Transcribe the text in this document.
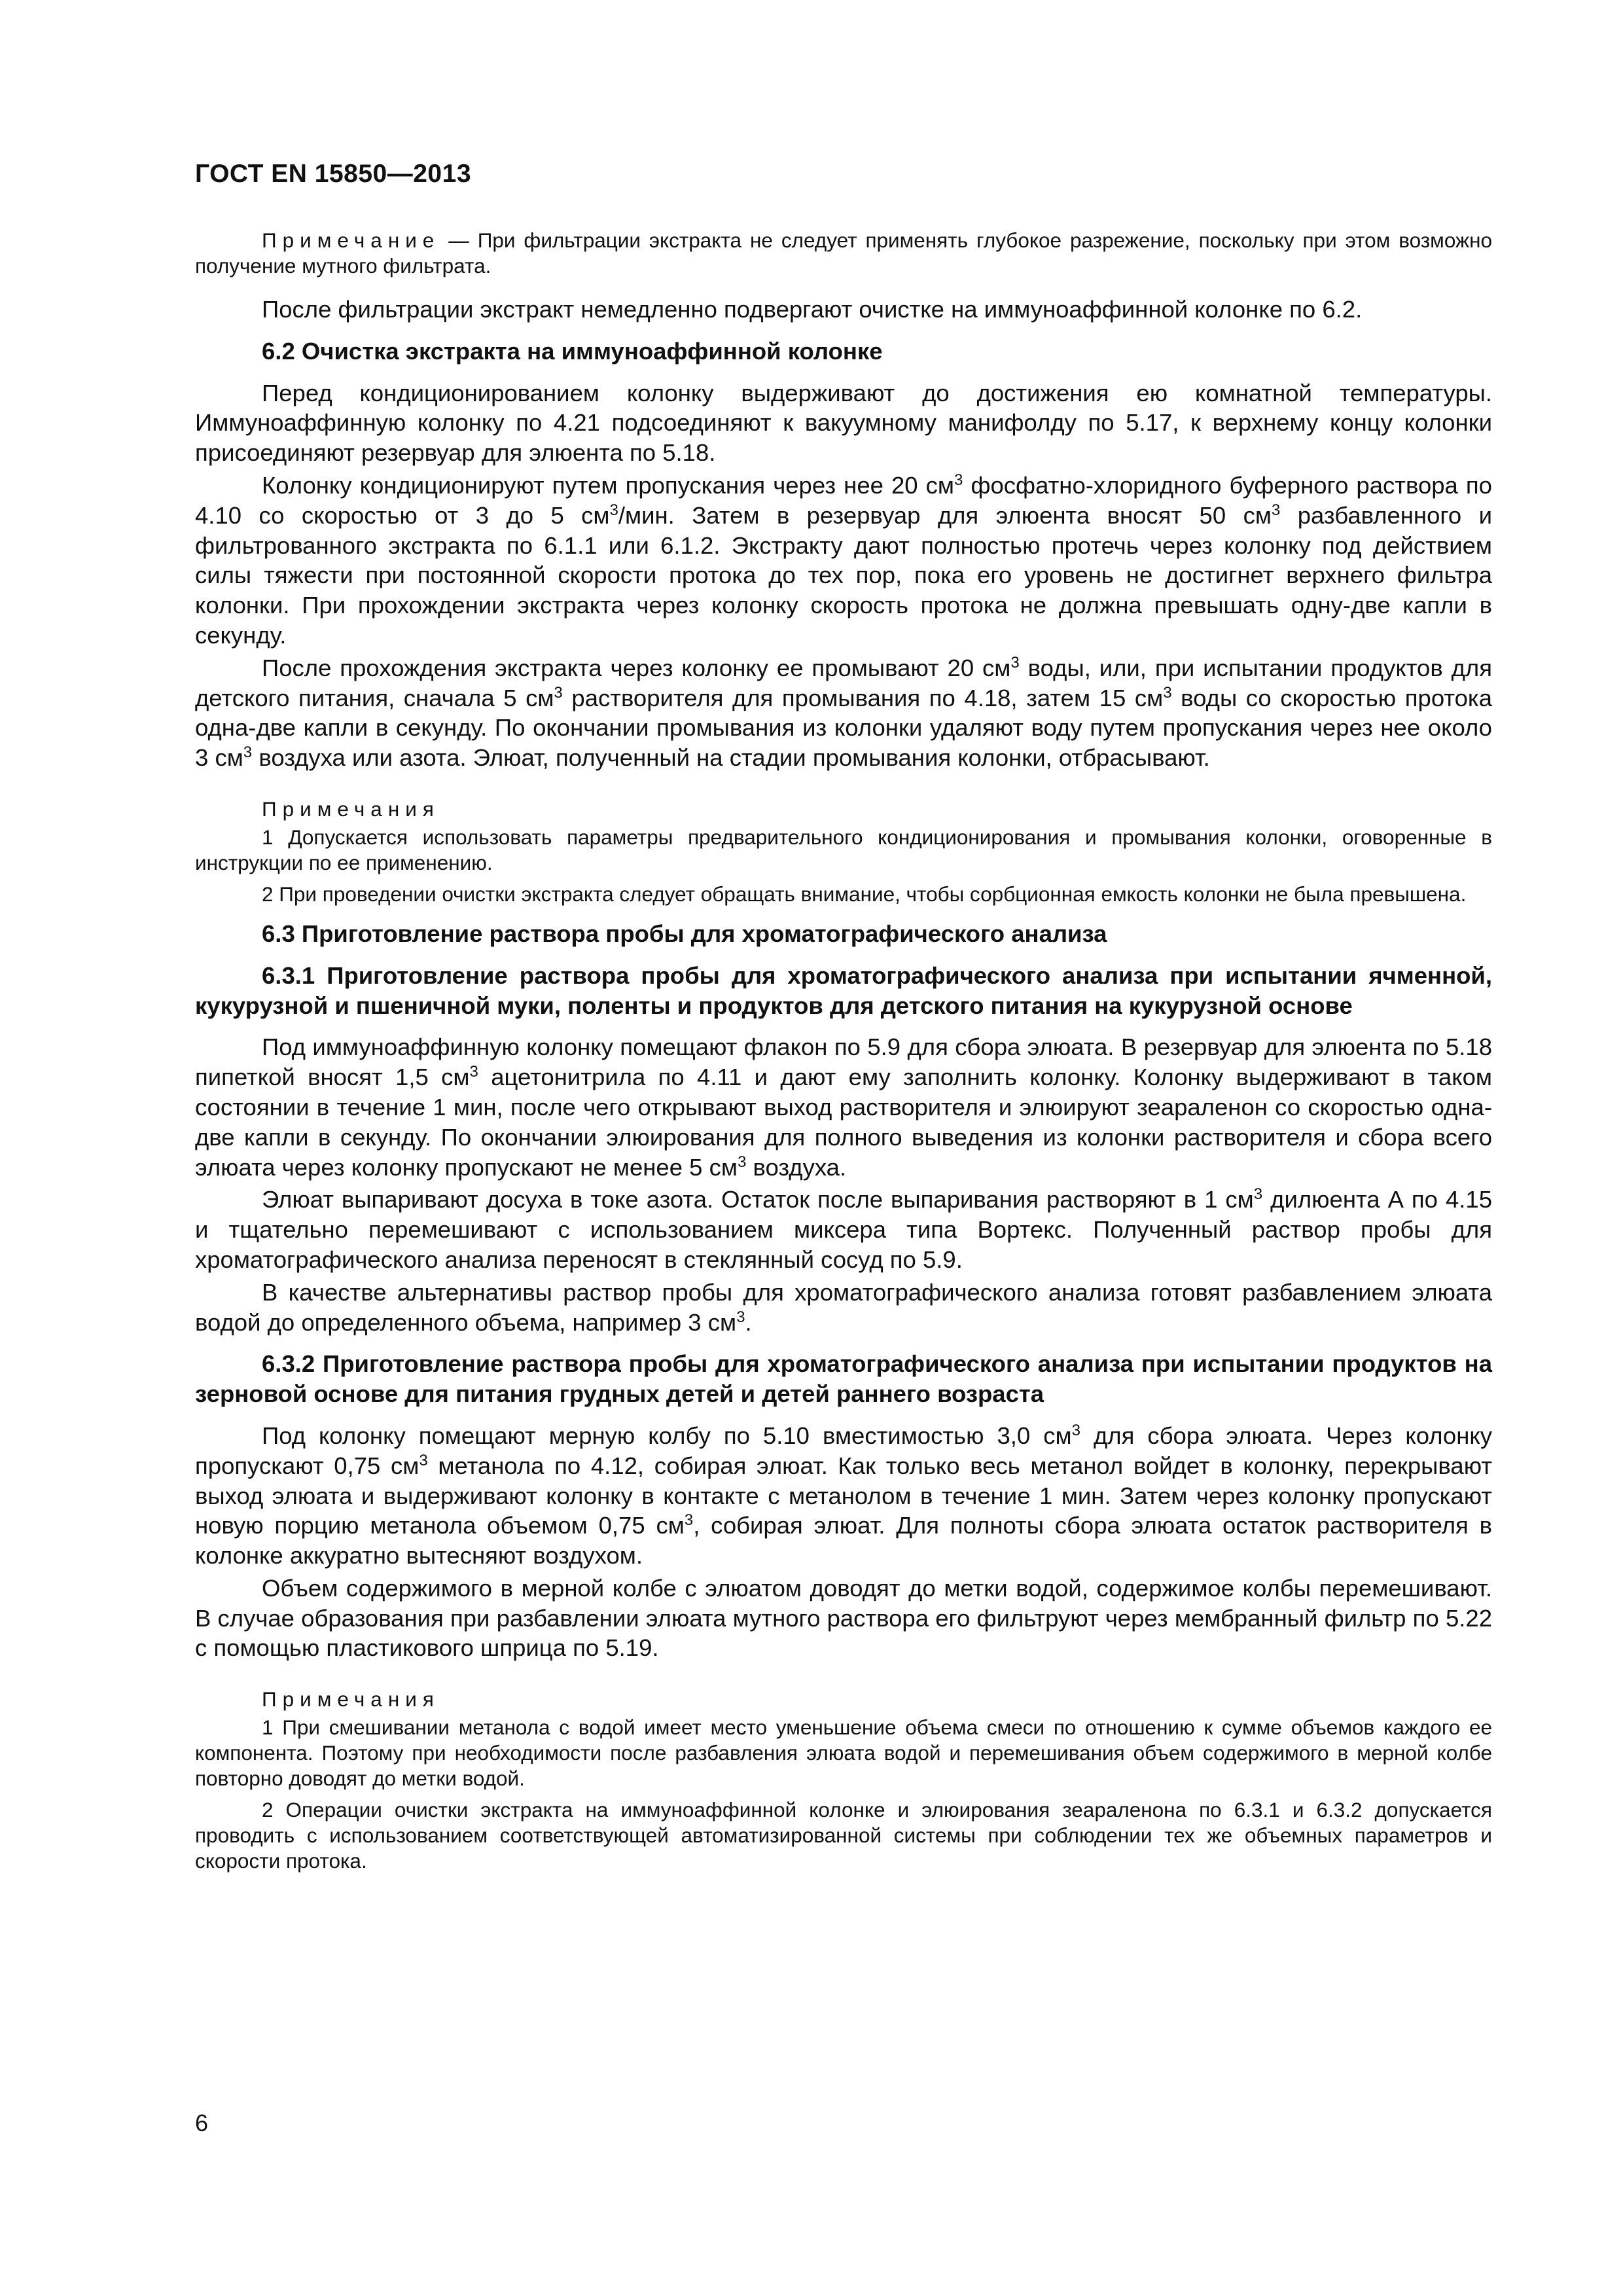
ГОСТ EN 15850—2013

Примечание — При фильтрации экстракта не следует применять глубокое разрежение, поскольку при этом возможно получение мутного фильтрата.

После фильтрации экстракт немедленно подвергают очистке на иммуноаффинной колонке по 6.2.

6.2 Очистка экстракта на иммуноаффинной колонке

Перед кондиционированием колонку выдерживают до достижения ею комнатной температуры. Иммуноаффинную колонку по 4.21 подсоединяют к вакуумному манифолду по 5.17, к верхнему концу колонки присоединяют резервуар для элюента по 5.18.

Колонку кондиционируют путем пропускания через нее 20 $см^3$ фосфатно-хлоридного буферного раствора по 4.10 со скоростью от 3 до 5 $см^3$/мин. Затем в резервуар для элюента вносят 50 $см^3$ разбавленного и фильтрованного экстракта по 6.1.1 или 6.1.2. Экстракту дают полностью протечь через колонку под действием силы тяжести при постоянной скорости протока до тех пор, пока его уровень не достигнет верхнего фильтра колонки. При прохождении экстракта через колонку скорость протока не должна превышать одну-две капли в секунду.

После прохождения экстракта через колонку ее промывают 20 $см^3$ воды, или, при испытании продуктов для детского питания, сначала 5 $см^3$ растворителя для промывания по 4.18, затем 15 $см^3$ воды со скоростью протока одна-две капли в секунду. По окончании промывания из колонки удаляют воду путем пропускания через нее около 3 $см^3$ воздуха или азота. Элюат, полученный на стадии промывания колонки, отбрасывают.

Примечания

1 Допускается использовать параметры предварительного кондиционирования и промывания колонки, оговоренные в инструкции по ее применению.

2 При проведении очистки экстракта следует обращать внимание, чтобы сорбционная емкость колонки не была превышена.

6.3 Приготовление раствора пробы для хроматографического анализа

6.3.1 Приготовление раствора пробы для хроматографического анализа при испытании ячменной, кукурузной и пшеничной муки, поленты и продуктов для детского питания на кукурузной основе

Под иммуноаффинную колонку помещают флакон по 5.9 для сбора элюата. В резервуар для элюента по 5.18 пипеткой вносят 1,5 $см^3$ ацетонитрила по 4.11 и дают ему заполнить колонку. Колонку выдерживают в таком состоянии в течение 1 мин, после чего открывают выход растворителя и элюируют зеараленон со скоростью одна-две капли в секунду. По окончании элюирования для полного выведения из колонки растворителя и сбора всего элюата через колонку пропускают не менее 5 $см^3$ воздуха.

Элюат выпаривают досуха в токе азота. Остаток после выпаривания растворяют в 1 $см^3$ дилюента А по 4.15 и тщательно перемешивают с использованием миксера типа Вортекс. Полученный раствор пробы для хроматографического анализа переносят в стеклянный сосуд по 5.9.

В качестве альтернативы раствор пробы для хроматографического анализа готовят разбавлением элюата водой до определенного объема, например 3 $см^3$.

6.3.2 Приготовление раствора пробы для хроматографического анализа при испытании продуктов на зерновой основе для питания грудных детей и детей раннего возраста

Под колонку помещают мерную колбу по 5.10 вместимостью 3,0 $см^3$ для сбора элюата. Через колонку пропускают 0,75 $см^3$ метанола по 4.12, собирая элюат. Как только весь метанол войдет в колонку, перекрывают выход элюата и выдерживают колонку в контакте с метанолом в течение 1 мин. Затем через колонку пропускают новую порцию метанола объемом 0,75 $см^3$, собирая элюат. Для полноты сбора элюата остаток растворителя в колонке аккуратно вытесняют воздухом.

Объем содержимого в мерной колбе с элюатом доводят до метки водой, содержимое колбы перемешивают. В случае образования при разбавлении элюата мутного раствора его фильтруют через мембранный фильтр по 5.22 с помощью пластикового шприца по 5.19.

Примечания

1 При смешивании метанола с водой имеет место уменьшение объема смеси по отношению к сумме объемов каждого ее компонента. Поэтому при необходимости после разбавления элюата водой и перемешивания объем содержимого в мерной колбе повторно доводят до метки водой.

2 Операции очистки экстракта на иммуноаффинной колонке и элюирования зеараленона по 6.3.1 и 6.3.2 допускается проводить с использованием соответствующей автоматизированной системы при соблюдении тех же объемных параметров и скорости протока.

6
